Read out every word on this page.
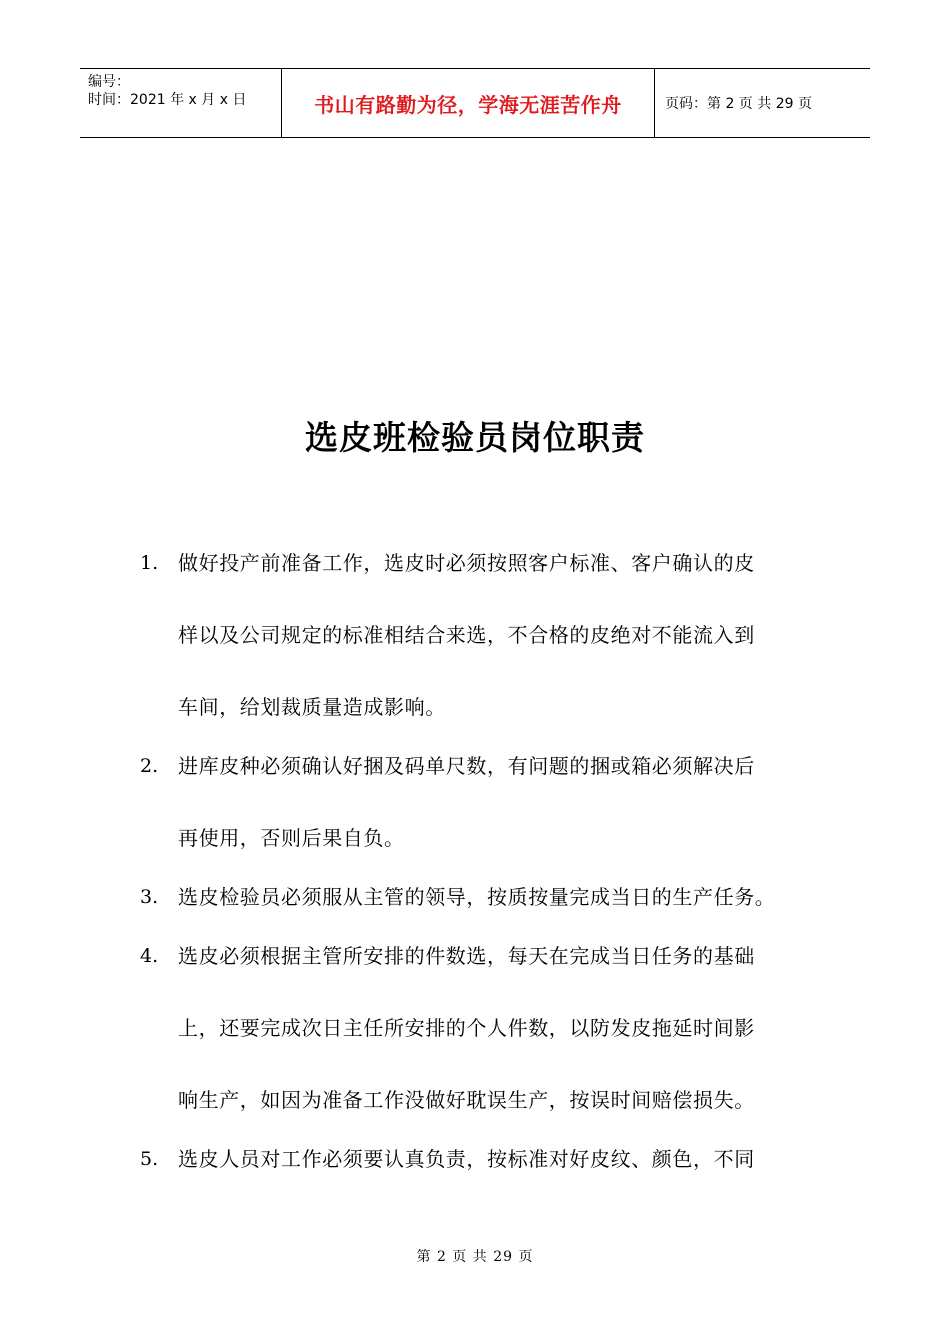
编号：
时间：2021 年 x 月 x 日	书山有路勤为径，学海无涯苦作舟	页码：第 2 页 共 29 页
选皮班检验员岗位职责
1. 做好投产前准备工作，选皮时必须按照客户标准、客户确认的皮
样以及公司规定的标准相结合来选，不合格的皮绝对不能流入到
车间，给划裁质量造成影响。
2. 进库皮种必须确认好捆及码单尺数，有问题的捆或箱必须解决后
再使用，否则后果自负。
3. 选皮检验员必须服从主管的领导，按质按量完成当日的生产任务。
4. 选皮必须根据主管所安排的件数选，每天在完成当日任务的基础
上，还要完成次日主任所安排的个人件数，以防发皮拖延时间影
响生产，如因为准备工作没做好耽误生产，按误时间赔偿损失。
5. 选皮人员对工作必须要认真负责，按标准对好皮纹、颜色，不同
第 2 页 共 29 页
